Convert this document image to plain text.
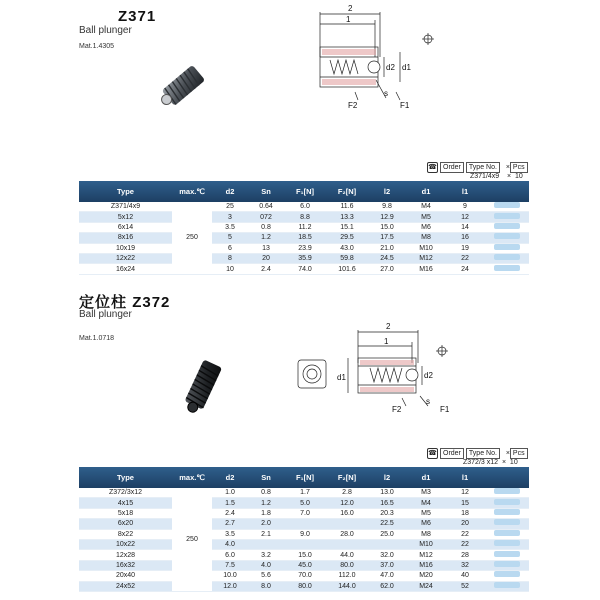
Z371
Ball plunger
Mat.1.4305
2
1
d2 d1
s
F2	F1
☎ Order Type No. × Pcs
Z371/4x9 × 10
Type	max.℃	d2	Sn	F₁[N]	F₂[N]	l2	d1	l1	
Z371/4x9	250	25	0.64	6.0	11.6	9.8	M4	9	
5x12		3	072	8.8	13.3	12.9	M5	12	
6x14		3.5	0.8	11.2	15.1	15.0	M6	14	
8x16		5	1.2	18.5	29.5	17.5	M8	16	
10x19		6	13	23.9	43.0	21.0	M10	19	
12x22		8	20	35.9	59.8	24.5	M12	22	
16x24		10	2.4	74.0	101.6	27.0	M16	24	
定位柱 Z372
Ball plunger
Mat.1.0718
2
1
d2
d1
s
F2	F1
☎ Order Type No. × Pcs
Z372/3 x12 × 10
Type	max.℃	d2	Sn	F₁[N]	F₂[N]	l2	d1	l1	
Z372/3x12	250	1.0	0.8	1.7	2.8	13.0	M3	12	
4x15		1.5	1.2	5.0	12.0	16.5	M4	15	
5x18		2.4	1.8	7.0	16.0	20.3	M5	18	
6x20		2.7	2.0			22.5	M6	20	
8x22		3.5	2.1	9.0	28.0	25.0	M8	22	
10x22		4.0					M10	22	
12x28		6.0	3.2	15.0	44.0	32.0	M12	28	
16x32		7.5	4.0	45.0	80.0	37.0	M16	32	
20x40		10.0	5.6	70.0	112.0	47.0	M20	40	
24x52		12.0	8.0	80.0	144.0	62.0	M24	52	
